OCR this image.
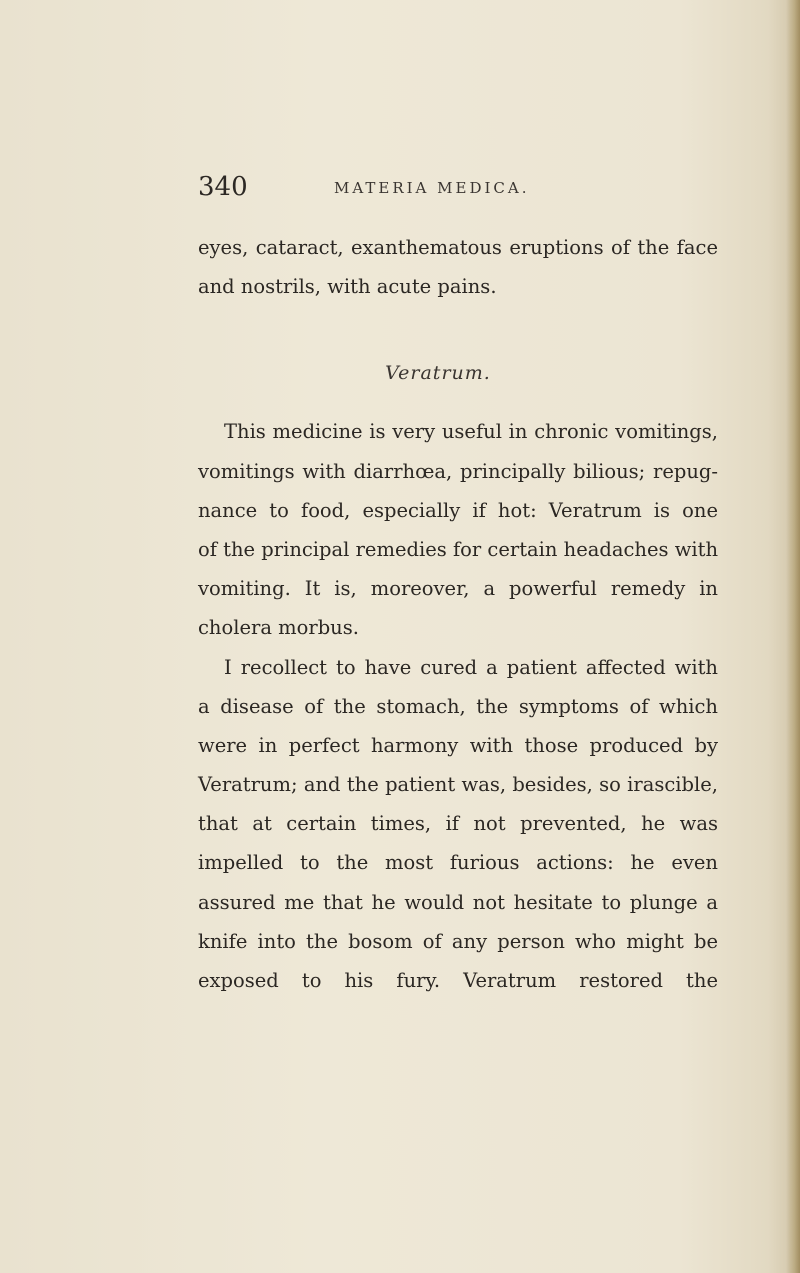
340	MATERIA MEDICA.
eyes, cataract, exanthematous eruptions of the face
and nostrils, with acute pains.
Veratrum.
This medicine is very useful in chronic vomitings,
vomitings with diarrhœa, principally bilious; repug-
nance to food, especially if hot: Veratrum is one
of the principal remedies for certain headaches with
vomiting. It is, moreover, a powerful remedy in
cholera morbus.
I recollect to have cured a patient affected with
a disease of the stomach, the symptoms of which
were in perfect harmony with those produced by
Veratrum; and the patient was, besides, so irascible,
that at certain times, if not prevented, he was
impelled to the most furious actions: he even
assured me that he would not hesitate to plunge a
knife into the bosom of any person who might be
exposed to his fury. Veratrum restored the
